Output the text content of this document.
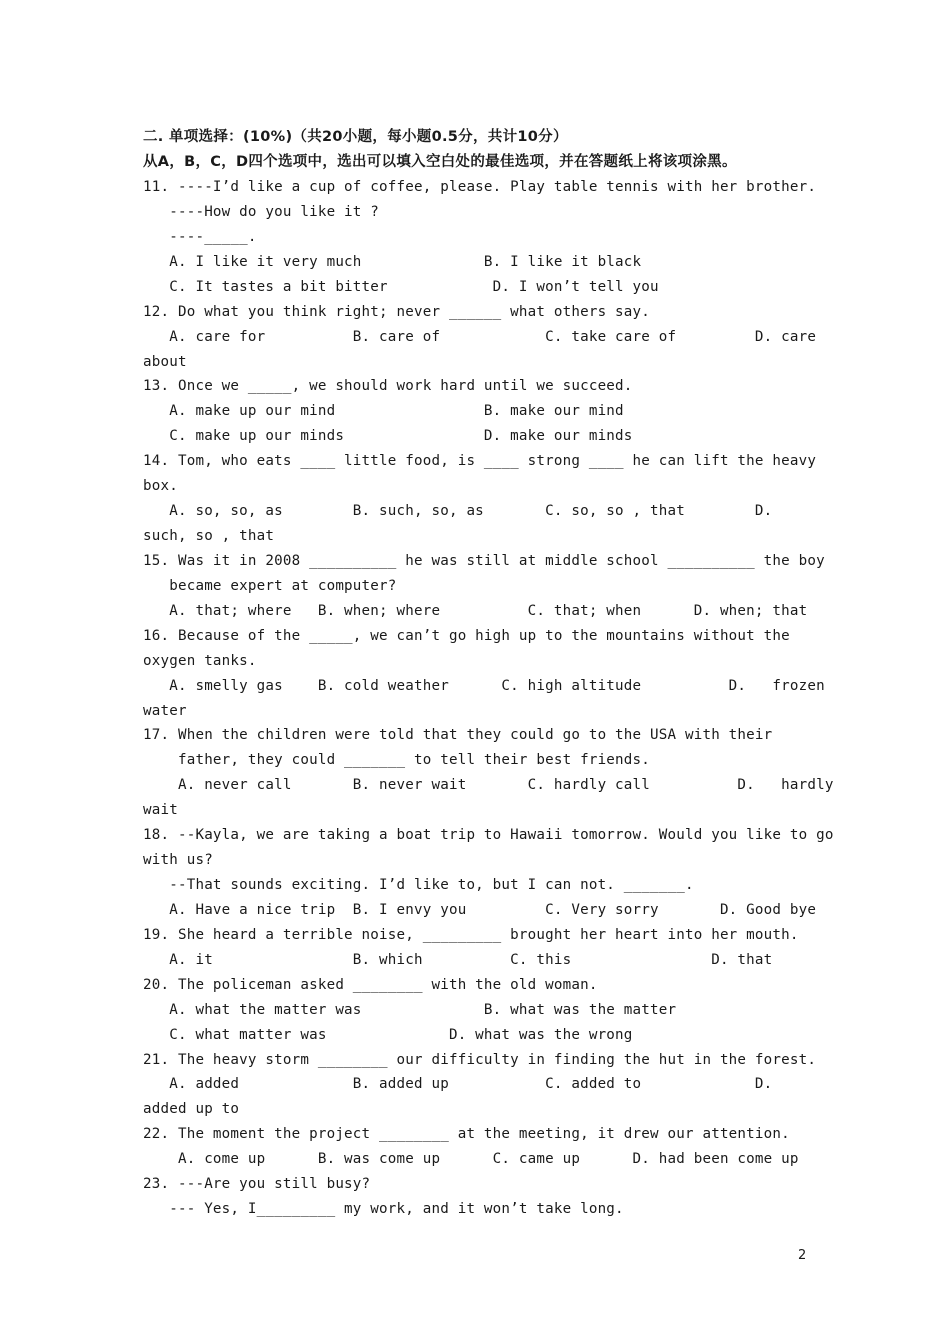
二. 单项选择：(10%)（共20小题，每小题0.5分，共计10分）
从A，B，C，D四个选项中，选出可以填入空白处的最佳选项，并在答题纸上将该项涂黑。
11. ----I’d like a cup of coffee, please. Play table tennis with her brother.
----How do you like it ?
----_____.
A. I like it very much              B. I like it black
C. It tastes a bit bitter            D. I won’t tell you
12. Do what you think right; never ______ what others say.
A. care for          B. care of            C. take care of         D. care
about
13. Once we _____, we should work hard until we succeed.
A. make up our mind                 B. make our mind
C. make up our minds                D. make our minds
14. Tom, who eats ____ little food, is ____ strong ____ he can lift the heavy
box.
A. so, so, as        B. such, so, as       C. so, so , that        D.
such, so , that
15. Was it in 2008 __________ he was still at middle school __________ the boy
became expert at computer?
A. that; where   B. when; where          C. that; when      D. when; that
16. Because of the _____, we can’t go high up to the mountains without the
oxygen tanks.
A. smelly gas    B. cold weather      C. high altitude          D.   frozen
water
17. When the children were told that they could go to the USA with their
father, they could _______ to tell their best friends.
A. never call       B. never wait       C. hardly call          D.   hardly
wait
18. --Kayla, we are taking a boat trip to Hawaii tomorrow. Would you like to go
with us?
--That sounds exciting. I’d like to, but I can not. _______.
A. Have a nice trip  B. I envy you         C. Very sorry       D. Good bye
19. She heard a terrible noise, _________ brought her heart into her mouth.
A. it                B. which          C. this                D. that
20. The policeman asked ________ with the old woman.
A. what the matter was              B. what was the matter
C. what matter was              D. what was the wrong
21. The heavy storm ________ our difficulty in finding the hut in the forest.
A. added             B. added up           C. added to             D.
added up to
22. The moment the project ________ at the meeting, it drew our attention.
A. come up      B. was come up      C. came up      D. had been come up
23. ---Are you still busy?
--- Yes, I_________ my work, and it won’t take long.
2
